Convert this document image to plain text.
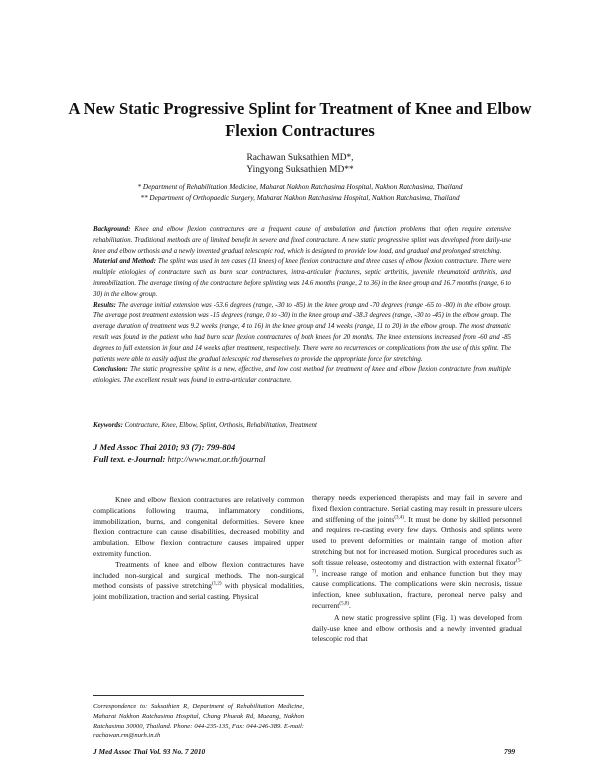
A New Static Progressive Splint for Treatment of Knee and Elbow Flexion Contractures
Rachawan Suksathien MD*,
Yingyong Suksathien MD**
* Department of Rehabilitation Medicine, Maharat Nakhon Ratchasima Hospital, Nakhon Ratchasima, Thailand
** Department of Orthopaedic Surgery, Maharat Nakhon Ratchasima Hospital, Nakhon Ratchasima, Thailand

Background: Knee and elbow flexion contractures are a frequent cause of ambulation and function problems that often require extensive rehabilitation. Traditional methods are of limited benefit in severe and fixed contracture. A new static progressive splint was developed from daily-use knee and elbow orthosis and a newly invented gradual telescopic rod, which is designed to provide low load, and gradual and prolonged stretching.

Material and Method: The splint was used in ten cases (11 knees) of knee flexion contracture and three cases of elbow flexion contracture. There were multiple etiologies of contracture such as burn scar contractures, intra-articular fractures, septic arthritis, juvenile rheumatoid arthritis, and immobilization. The average timing of the contracture before splinting was 14.6 months (range, 2 to 36) in the knee group and 16.7 months (range, 6 to 30) in the elbow group.

Results: The average initial extension was -53.6 degrees (range, -30 to -85) in the knee group and -70 degrees (range -65 to -80) in the elbow group. The average post treatment extension was -15 degrees (range, 0 to -30) in the knee group and -38.3 degrees (range, -30 to -45) in the elbow group. The average duration of treatment was 9.2 weeks (range, 4 to 16) in the knee group and 14 weeks (range, 11 to 20) in the elbow group. The most dramatic result was found in the patient who had burn scar flexion contractures of both knees for 20 months. The knee extensions increased from -60 and -85 degrees to full extension in four and 14 weeks after treatment, respectively. There were no recurrences or complications from the use of this splint. The patients were able to easily adjust the gradual telescopic rod themselves to provide the appropriate force for stretching.

Conclusion: The static progressive splint is a new, effective, and low cost method for treatment of knee and elbow flexion contracture from multiple etiologies. The excellent result was found in extra-articular contracture.

Keywords: Contracture, Knee, Elbow, Splint, Orthosis, Rehabilitation, Treatment
J Med Assoc Thai 2010; 93 (7): 799-804
Full text. e-Journal: http://www.mat.or.th/journal

Knee and elbow flexion contractures are relatively common complications following trauma, inflammatory conditions, immobilization, burns, and congenital deformities. Severe knee flexion contracture can cause disabilities, decreased mobility and ambulation. Elbow flexion contracture causes impaired upper extremity function.

Treatments of knee and elbow flexion contractures have included non-surgical and surgical methods. The non-surgical method consists of passive stretching$^{(1,2)}$ with physical modalities, joint mobilization, traction and serial casting. Physical

therapy needs experienced therapists and may fail in severe and fixed flexion contracture. Serial casting may result in pressure ulcers and stiffening of the joints$^{(3,4)}$. It must be done by skilled personnel and requires re-casting every few days. Orthosis and splints were used to prevent deformities or maintain range of motion after stretching but not for increased motion. Surgical procedures such as soft tissue release, osteotomy and distraction with external fixator$^{(5-7)}$, increase range of motion and enhance function but they may cause complications. The complications were skin necrosis, tissue infection, knee subluxation, fracture, peroneal nerve palsy and recurrent$^{(5,8)}$.

A new static progressive splint (Fig. 1) was developed from daily-use knee and elbow orthosis and a newly invented gradual telescopic rod that

Correspondence to: Suksathien R, Department of Rehabilitation Medicine, Maharat Nakhon Ratchasima Hospital, Chang Phueak Rd, Mueang, Nakhon Ratchasima 30000, Thailand. Phone: 044-235-135, Fax: 044-246-389. E-mail: rachawan.rm@nurh.in.th
J Med Assoc Thai Vol. 93 No. 7 2010	799
